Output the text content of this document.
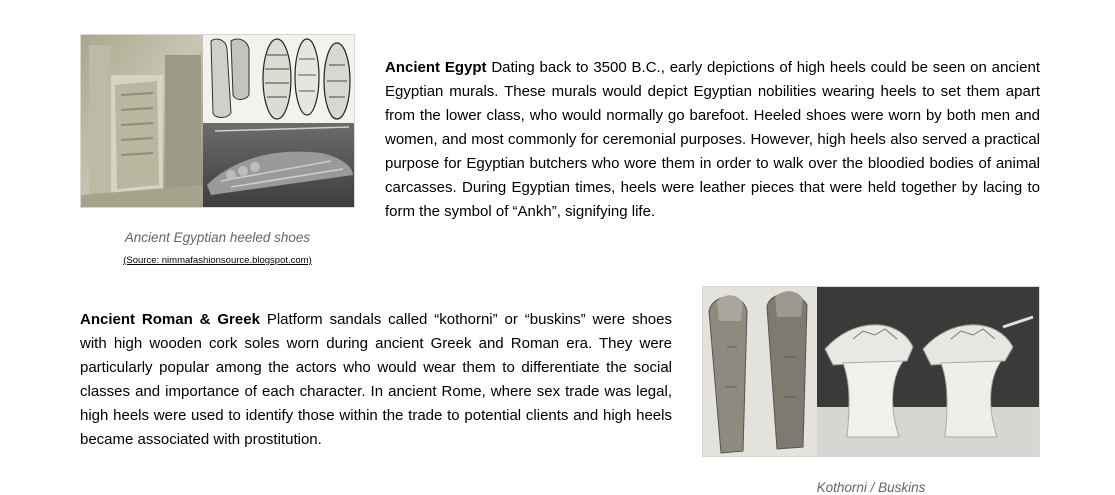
Ancient Egyptian heeled shoes
(Source: nimmafashionsource.blogspot.com)

Ancient Egypt Dating back to 3500 B.C., early depictions of high heels could be seen on ancient Egyptian murals. These murals would depict Egyptian nobilities wearing heels to set them apart from the lower class, who would normally go barefoot. Heeled shoes were worn by both men and women, and most commonly for ceremonial purposes. However, high heels also served a practical purpose for Egyptian butchers who wore them in order to walk over the bloodied bodies of animal carcasses. During Egyptian times, heels were leather pieces that were held together by lacing to form the symbol of “Ankh”, signifying life.

Ancient Roman & Greek Platform sandals called “kothorni” or “buskins” were shoes with high wooden cork soles worn during ancient Greek and Roman era. They were particularly popular among the actors who would wear them to differentiate the social classes and importance of each character. In ancient Rome, where sex trade was legal, high heels were used to identify those within the trade to potential clients and high heels became associated with prostitution.

Kothorni / Buskins
